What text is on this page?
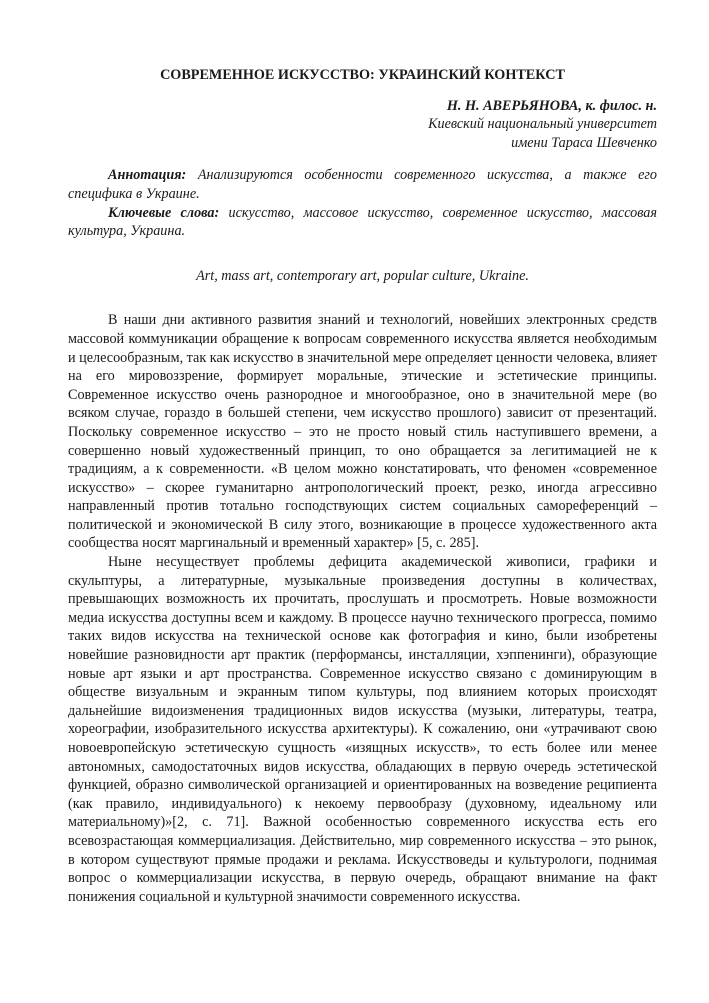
СОВРЕМЕННОЕ ИСКУССТВО: УКРАИНСКИЙ КОНТЕКСТ
Н. Н. АВЕРЬЯНОВА, к. филос. н.
Киевский национальный университет
имени Тараса Шевченко

Аннотация: Анализируются особенности современного искусства, а также его специфика в Украине.

Ключевые слова: искусство, массовое искусство, современное искусство, массовая культура, Украина.

Art, mass art, contemporary art, popular culture, Ukraine.

В наши дни активного развития знаний и технологий, новейших электронных средств массовой коммуникации обращение к вопросам современного искусства является необходимым и целесообразным, так как искусство в значительной мере определяет ценности человека, влияет на его мировоззрение, формирует моральные, этические и эстетические принципы. Современное искусство очень разнородное и многообразное, оно в значительной мере (во всяком случае, гораздо в большей степени, чем искусство прошлого) зависит от презентаций. Поскольку современное искусство – это не просто новый стиль наступившего времени, а совершенно новый художественный принцип, то оно обращается за легитимацией не к традициям, а к современности. «В целом можно констатировать, что феномен «современное искусство» – скорее гуманитарно антропологический проект, резко, иногда агрессивно направленный против тотально господствующих систем социальных самореференций – политической и экономической В силу этого, возникающие в процессе художественного акта сообщества носят маргинальный и временный характер» [5, с. 285].

Ныне несуществует проблемы дефицита академической живописи, графики и скульптуры, а литературные, музыкальные произведения доступны в количествах, превышающих возможность их прочитать, прослушать и просмотреть. Новые возможности медиа искусства доступны всем и каждому. В процессе научно технического прогресса, помимо таких видов искусства на технической основе как фотография и кино, были изобретены новейшие разновидности арт практик (перформансы, инсталляции, хэппенинги), образующие новые арт языки и арт пространства. Современное искусство связано с доминирующим в обществе визуальным и экранным типом культуры, под влиянием которых происходят дальнейшие видоизменения традиционных видов искусства (музыки, литературы, театра, хореографии, изобразительного искусства архитектуры). К сожалению, они «утрачивают свою новоевропейскую эстетическую сущность «изящных искусств», то есть более или менее автономных, самодостаточных видов искусства, обладающих в первую очередь эстетической функцией, образно символической организацией и ориентированных на возведение реципиента (как правило, индивидуального) к некоему первообразу (духовному, идеальному или материальному)»[2, с. 71]. Важной особенностью современного искусства есть его всевозрастающая коммерциализация. Действительно, мир современного искусства – это рынок, в котором существуют прямые продажи и реклама. Искусствоведы и культурологи, поднимая вопрос о коммерциализации искусства, в первую очередь, обращают внимание на факт понижения социальной и культурной значимости современного искусства.
